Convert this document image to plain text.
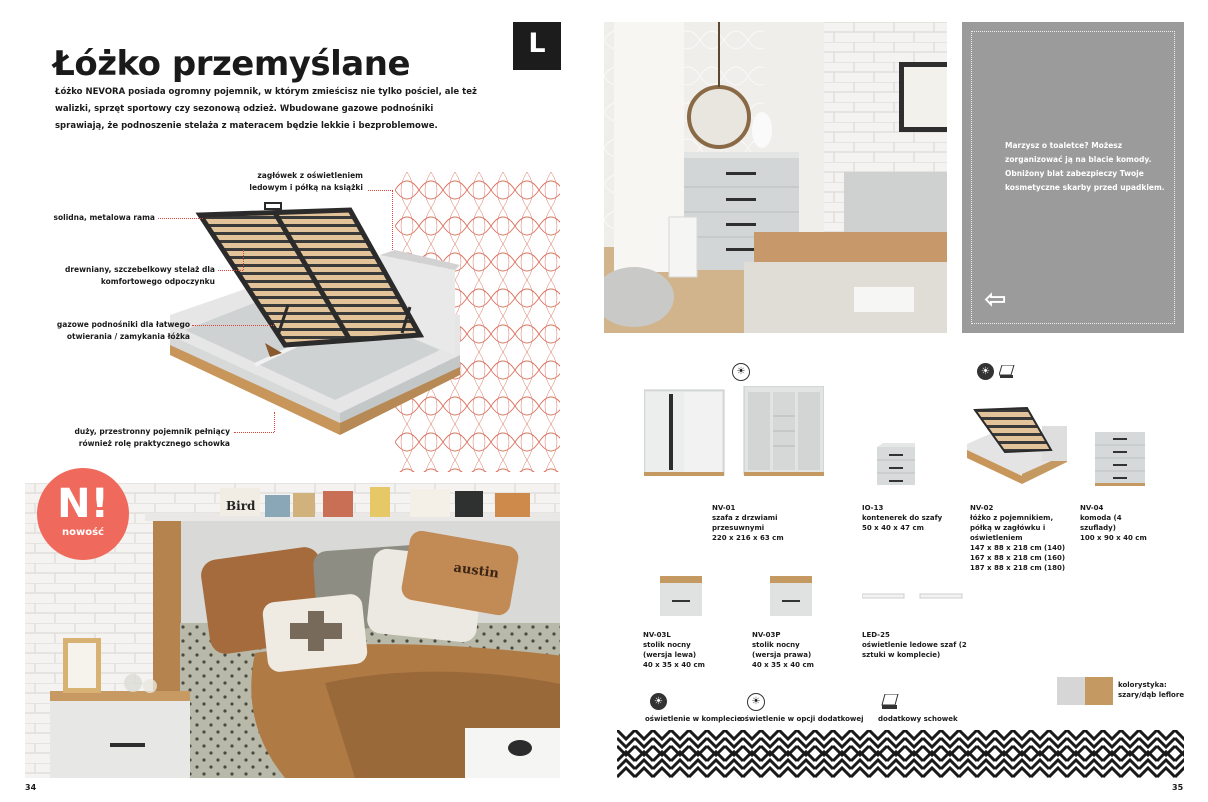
Łóżko przemyślane
Łóżko NEVORA posiada ogromny pojemnik, w którym zmieścisz nie tylko pościel, ale też walizki, sprzęt sportowy czy sezonową odzież. Wbudowane gazowe podnośniki sprawiają, że podnoszenie stelaża z materacem będzie lekkie i bezproblemowe.
L
zagłówek z oświetleniem ledowym i półką na książki
solidna, metalowa rama
drewniany, szczebelkowy stelaż dla komfortowego odpoczynku
gazowe podnośniki dla łatwego otwierania / zamykania łóżka
duży, przestronny pojemnik pełniący również rolę praktycznego schowka
Bird
austin
N!
nowość
34
Marzysz o toaletce? Możesz zorganizować ją na blacie komody. Obniżony blat zabezpieczy Twoje kosmetyczne skarby przed upadkiem.
⇦
☀	☀
NV-01
szafa z drzwiami przesuwnymi
220 x 216 x 63 cm
IO-13
kontenerek do szafy
50 x 40 x 47 cm
NV-02
łóżko z pojemnikiem, półką w zagłówku i oświetleniem
147 x 88 x 218 cm (140)
167 x 88 x 218 cm (160)
187 x 88 x 218 cm (180)
NV-04
komoda (4 szuflady)
100 x 90 x 40 cm
NV-03L
stolik nocny (wersja lewa)
40 x 35 x 40 cm
NV-03P
stolik nocny (wersja prawa)
40 x 35 x 40 cm
LED-25
oświetlenie ledowe szaf (2 sztuki w komplecie)
kolorystyka:
szary/dąb leflore
☀
oświetlenie w komplecie
☀
oświetlenie w opcji dodatkowej dodatkowy schowek
35
